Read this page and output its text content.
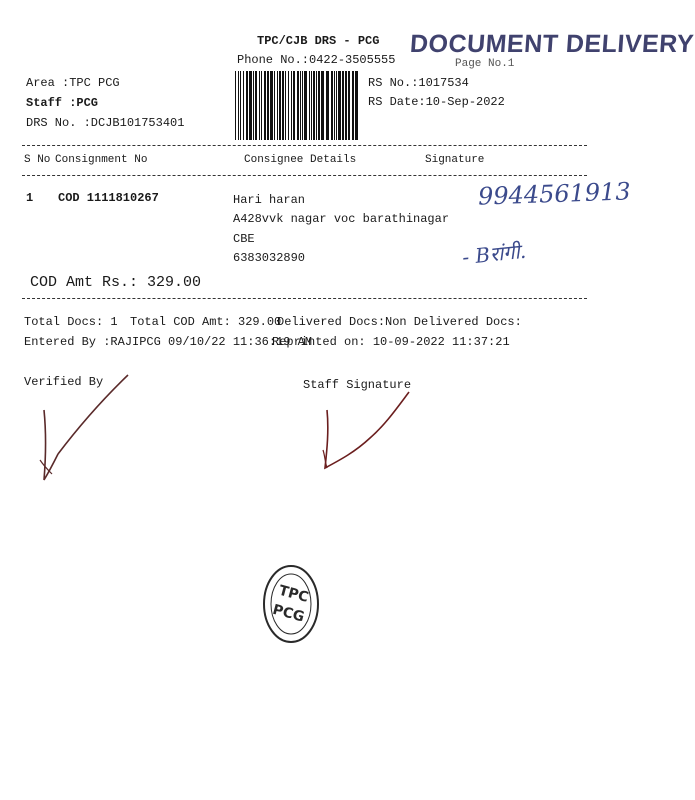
TPC/CJB DRS - PCG
Phone No.:0422-3505555
DOCUMENT DELIVERY
Page No.1
Area :TPC PCG
Staff :PCG
DRS No. :DCJB101753401
RS No.:1017534
RS Date:10-Sep-2022
S No Consignment No	Consignee Details	Signature
1 COD 1111810267	Hari haran
A428vvk nagar voc barathinagar
CBE
6383032890
9944561913
- Bरांगी.
COD Amt Rs.: 329.00
Total Docs: 1 Total COD Amt: 329.00
Delivered Docs: Non Delivered Docs:
Entered By :RAJIPCG 09/10/22 11:36:19 AM
Reprinted on: 10-09-2022 11:37:21
Verified By	Staff Signature
TPC
PCG
